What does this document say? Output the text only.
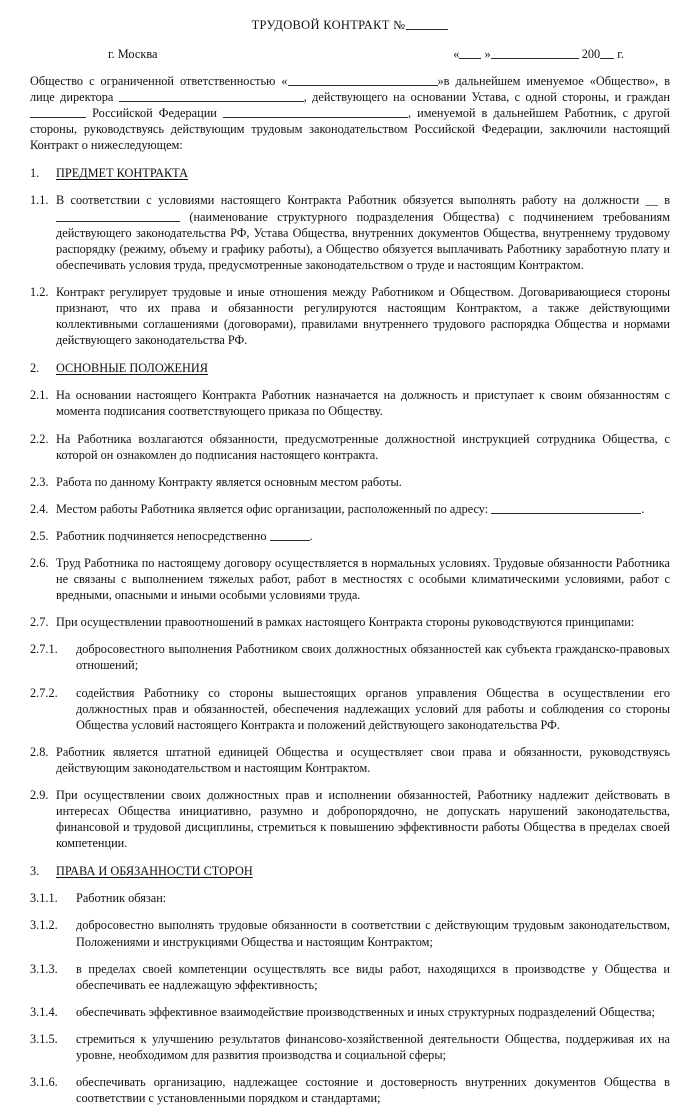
ТРУДОВОЙ КОНТРАКТ №
г. Москва	« »	200 г.
Общество с ограниченной ответственностью «	»в дальнейшем именуемое «Общество», в лице директора	, действующего на основании Устава, с одной стороны, и граждан Российской Федерации	, именуемой в дальнейшем Работник, с другой стороны, руководствуясь действующим трудовым законодательством Российской Федерации, заключили настоящий Контракт о нижеследующем:
1.	ПРЕДМЕТ КОНТРАКТА
1.1. В соответствии с условиями настоящего Контракта Работник обязуется выполнять работу на должности __ в  (наименование структурного подразделения Общества) с подчинением требованиям действующего законодательства РФ, Устава Общества, внутренних документов Общества, внутреннему трудовому распорядку (режиму, объему и графику работы), а Общество обязуется выплачивать Работнику заработную плату и обеспечивать условия труда, предусмотренные законодательством о труде и настоящим Контрактом.
1.2. Контракт регулирует трудовые и иные отношения между Работником и Обществом. Договаривающиеся стороны признают, что их права и обязанности регулируются настоящим Контрактом, а также действующими коллективными соглашениями (договорами), правилами внутреннего трудового распорядка Общества и нормами действующего законодательства РФ.
2.	ОСНОВНЫЕ ПОЛОЖЕНИЯ
2.1. На основании настоящего Контракта Работник назначается на должность и приступает к своим обязанностям с момента подписания соответствующего приказа по Обществу.
2.2. На Работника возлагаются обязанности, предусмотренные должностной инструкцией сотрудника Общества, с которой он ознакомлен до подписания настоящего контракта.
2.3. Работа по данному Контракту является основным местом работы.
2.4. Местом работы Работника является офис организации, расположенный по адресу:	.
2.5. Работник подчиняется непосредственно	.
2.6. Труд Работника по настоящему договору осуществляется в нормальных условиях. Трудовые обязанности Работника не связаны с выполнением тяжелых работ, работ в местностях с особыми климатическими условиями, работ с вредными, опасными и иными особыми условиями труда.
2.7. При осуществлении правоотношений в рамках настоящего Контракта стороны руководствуются принципами:
2.7.1.	добросовестного выполнения Работником своих должностных обязанностей как субъекта гражданско-правовых отношений;
2.7.2.	содействия Работнику со стороны вышестоящих органов управления Общества в осуществлении его должностных прав и обязанностей, обеспечения надлежащих условий для работы и соблюдения со стороны Общества условий настоящего Контракта и положений действующего законодательства РФ.
2.8. Работник является штатной единицей Общества и осуществляет свои права и обязанности, руководствуясь действующим законодательством и настоящим Контрактом.
2.9. При осуществлении своих должностных прав и исполнении обязанностей, Работнику надлежит действовать в интересах Общества инициативно, разумно и добропорядочно, не допускать нарушений законодательства, финансовой и трудовой дисциплины, стремиться к повышению эффективности работы Общества в пределах своей компетенции.
3.	ПРАВА И ОБЯЗАННОСТИ СТОРОН
3.1.1.	Работник обязан:
3.1.2.	добросовестно выполнять трудовые обязанности в соответствии с действующим трудовым законодательством, Положениями и инструкциями Общества и настоящим Контрактом;
3.1.3.	в пределах своей компетенции осуществлять все виды работ, находящихся в производстве у Общества и обеспечивать ее надлежащую эффективность;
3.1.4.	обеспечивать эффективное взаимодействие производственных и иных структурных подразделений Общества;
3.1.5.	стремиться к улучшению результатов финансово-хозяйственной деятельности Общества, поддерживая их на уровне, необходимом для развития производства и социальной сферы;
3.1.6.	обеспечивать организацию, надлежащее состояние и достоверность внутренних документов Общества в соответствии с установленными порядком и стандартами;
